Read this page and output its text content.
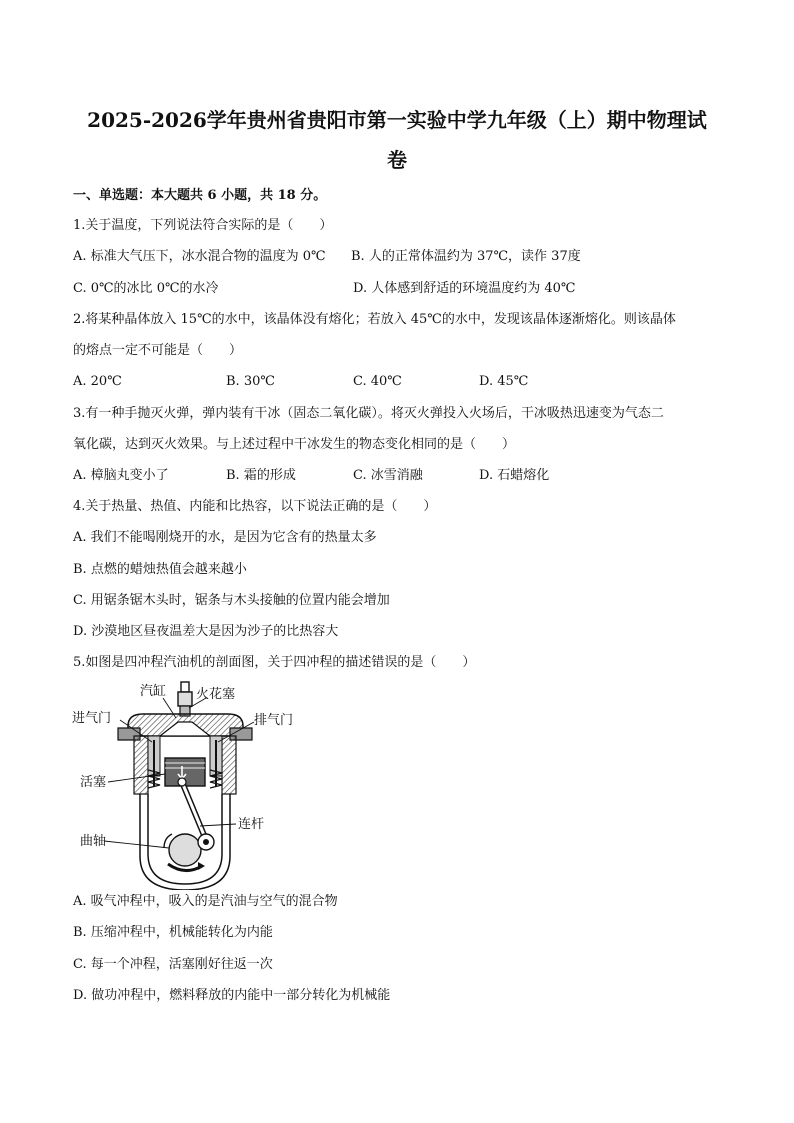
2025-2026学年贵州省贵阳市第一实验中学九年级（上）期中物理试
卷
一、单选题：本大题共 6 小题，共 18 分。
1.关于温度，下列说法符合实际的是（　　）
A. 标准大气压下，冰水混合物的温度为 0℃ B. 人的正常体温约为 37℃，读作 37度
C. 0℃的冰比 0℃的水冷	D. 人体感到舒适的环境温度约为 40℃
2.将某种晶体放入 15℃的水中，该晶体没有熔化；若放入 45℃的水中，发现该晶体逐渐熔化。则该晶体
的熔点一定不可能是（　　）
A. 20℃	B. 30℃	C. 40℃	D. 45℃
3.有一种手抛灭火弹，弹内装有干冰（固态二氧化碳）。将灭火弹投入火场后，干冰吸热迅速变为气态二
氧化碳，达到灭火效果。与上述过程中干冰发生的物态变化相同的是（　　）
A. 樟脑丸变小了	B. 霜的形成	C. 冰雪消融	D. 石蜡熔化
4.关于热量、热值、内能和比热容，以下说法正确的是（　　）
A. 我们不能喝刚烧开的水，是因为它含有的热量太多
B. 点燃的蜡烛热值会越来越小
C. 用锯条锯木头时，锯条与木头接触的位置内能会增加
D. 沙漠地区昼夜温差大是因为沙子的比热容大
5.如图是四冲程汽油机的剖面图，关于四冲程的描述错误的是（　　）
汽缸 火花塞
进气门	排气门
活塞
连杆
曲轴
A. 吸气冲程中，吸入的是汽油与空气的混合物
B. 压缩冲程中，机械能转化为内能
C. 每一个冲程，活塞刚好往返一次
D. 做功冲程中，燃料释放的内能中一部分转化为机械能
